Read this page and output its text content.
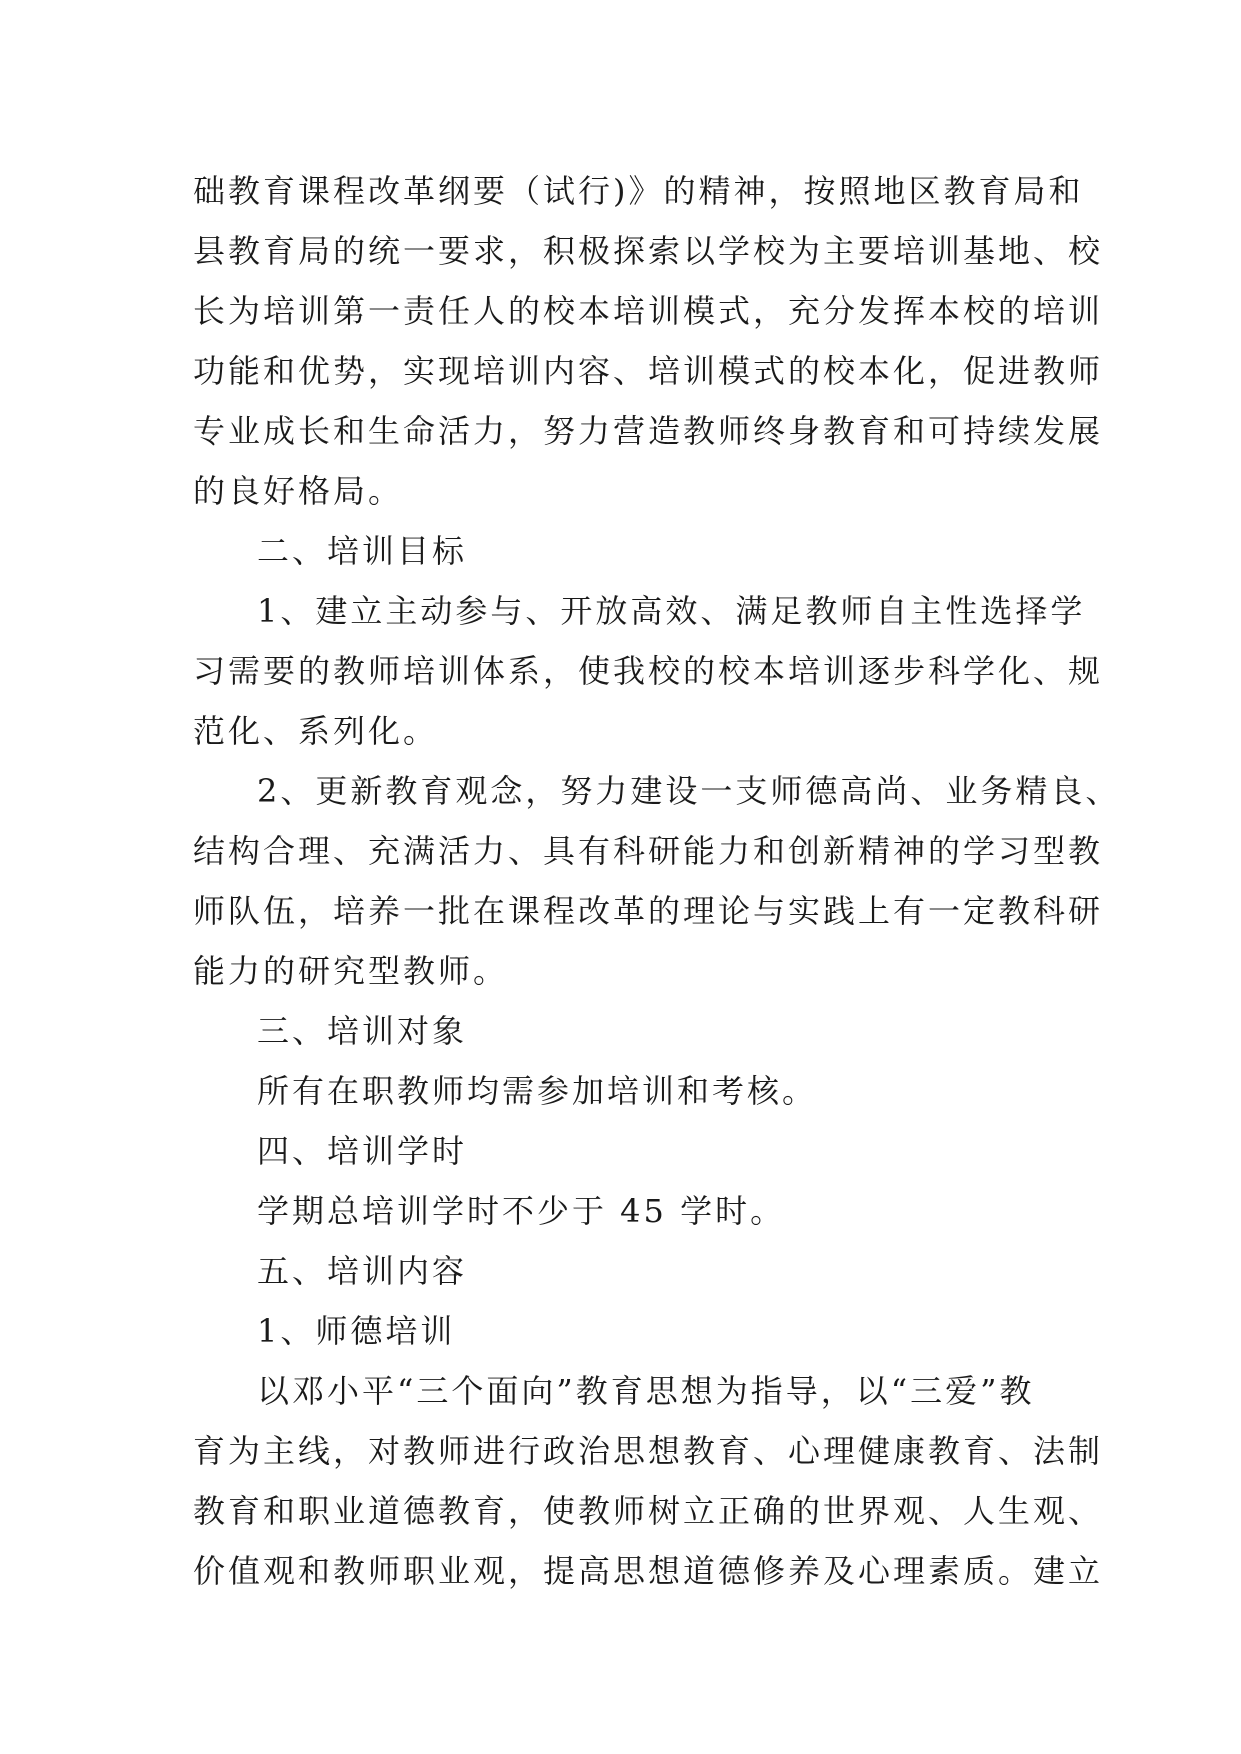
础教育课程改革纲要（试行)》的精神，按照地区教育局和
县教育局的统一要求，积极探索以学校为主要培训基地、校
长为培训第一责任人的校本培训模式，充分发挥本校的培训
功能和优势，实现培训内容、培训模式的校本化，促进教师
专业成长和生命活力，努力营造教师终身教育和可持续发展
的良好格局。
二、培训目标
1、建立主动参与、开放高效、满足教师自主性选择学
习需要的教师培训体系，使我校的校本培训逐步科学化、规
范化、系列化。
2、更新教育观念，努力建设一支师德高尚、业务精良、
结构合理、充满活力、具有科研能力和创新精神的学习型教
师队伍，培养一批在课程改革的理论与实践上有一定教科研
能力的研究型教师。
三、培训对象
所有在职教师均需参加培训和考核。
四、培训学时
学期总培训学时不少于 45 学时。
五、培训内容
1、师德培训
以邓小平“三个面向”教育思想为指导，以“三爱”教
育为主线，对教师进行政治思想教育、心理健康教育、法制
教育和职业道德教育，使教师树立正确的世界观、人生观、
价值观和教师职业观，提高思想道德修养及心理素质。建立
